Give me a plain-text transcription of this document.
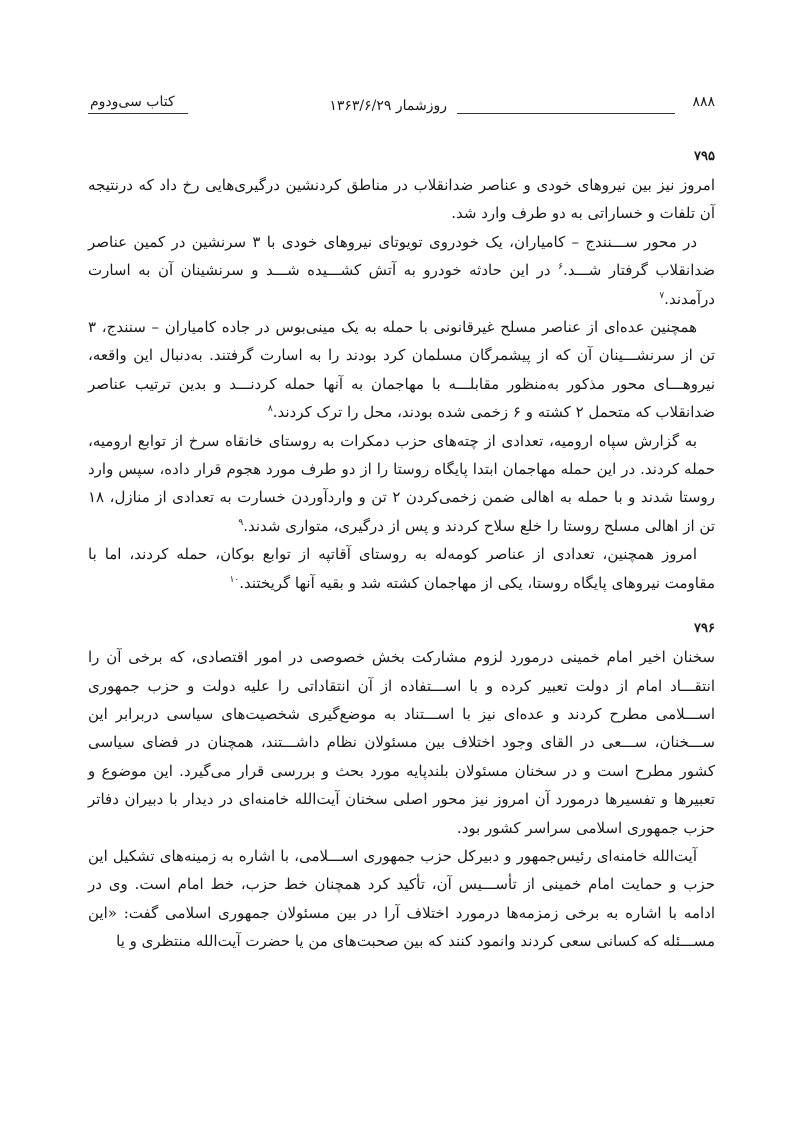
۸۸۸
روزشمار ۱۳۶۳/۶/۲۹
کتاب سی‌ودوم
۷۹۵

امروز نیز بین نیروهای خودی و عناصر ضدانقلاب در مناطق کردنشین درگیری‌هایی رخ داد که درنتیجه آن تلفات و خساراتی به دو طرف وارد شد.

در محور ســـنندج – کامیاران، یک خودروی تویوتای نیروهای خودی با ۳ سرنشین در کمین عناصر ضدانقلاب گرفتار شـــد.$^۶$ در این حادثه خودرو به آتش کشـــیده شـــد و سرنشینان آن به اسارت درآمدند.$^۷$

همچنین عده‌ای از عناصر مسلح غیرقانونی با حمله به یک مینی‌بوس در جاده کامیاران – سنندج، ۳ تن از سرنشـــینان آن که از پیشمرگان مسلمان کرد بودند را به اسارت گرفتند. به‌دنبال این واقعه، نیروهـــای محور مذکور به‌منظور مقابلـــه با مهاجمان به آنها حمله کردنـــد و بدین ترتیب عناصر ضدانقلاب که متحمل ۲ کشته و ۶ زخمی شده بودند، محل را ترک کردند.$^۸$

به گزارش سپاه ارومیه، تعدادی از چته‌های حزب دمکرات به روستای خانقاه سرخ از توابع ارومیه، حمله کردند. در این حمله مهاجمان ابتدا پایگاه روستا را از دو طرف مورد هجوم قرار داده، سپس وارد روستا شدند و با حمله به اهالی ضمن زخمی‌کردن ۲ تن و واردآوردن خسارت به تعدادی از منازل، ۱۸ تن از اهالی مسلح روستا را خلع سلاح کردند و پس از درگیری، متواری شدند.$^۹$

امروز همچنین، تعدادی از عناصر کومه‌له به روستای آقاتپه از توابع بوکان، حمله کردند، اما با مقاومت نیروهای پایگاه روستا، یکی از مهاجمان کشته شد و بقیه آنها گریختند.$^{۱۰}$

۷۹۶

سخنان اخیر امام خمینی درمورد لزوم مشارکت بخش خصوصی در امور اقتصادی، که برخی آن را انتقـــاد امام از دولت تعبیر کرده و با اســـتفاده از آن انتقاداتی را علیه دولت و حزب جمهوری اســـلامی مطرح کردند و عده‌ای نیز با اســـتناد به موضع‌گیری شخصیت‌های سیاسی دربرابر این ســـخنان، ســـعی در القای وجود اختلاف بین مسئولان نظام داشـــتند، همچنان در فضای سیاسی کشور مطرح است و در سخنان مسئولان بلندپایه مورد بحث و بررسی قرار می‌گیرد. این موضوع و تعبیرها و تفسیرها درمورد آن امروز نیز محور اصلی سخنان آیت‌الله خامنه‌ای در دیدار با دبیران دفاتر حزب جمهوری اسلامی سراسر کشور بود.

آیت‌الله خامنه‌ای رئیس‌جمهور و دبیرکل حزب جمهوری اســـلامی، با اشاره به زمینه‌های تشکیل این حزب و حمایت امام خمینی از تأســـیس آن، تأکید کرد همچنان خط حزب، خط امام است. وی در ادامه با اشاره به برخی زمزمه‌ها درمورد اختلاف آرا در بین مسئولان جمهوری اسلامی گفت: «این مســـئله که کسانی سعی کردند وانمود کنند که بین صحبت‌های من یا حضرت آیت‌الله منتظری و یا
